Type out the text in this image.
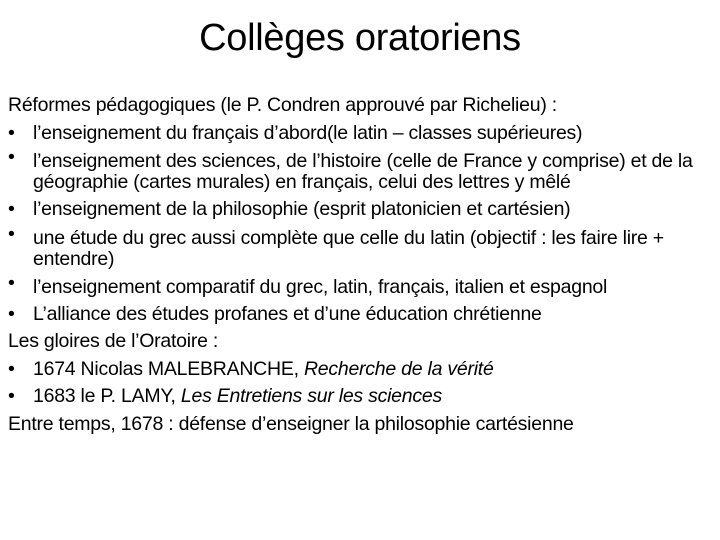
Collèges oratoriens

Réformes pédagogiques (le P. Condren approuvé par Richelieu) :

• l’enseignement du français d’abord(le latin – classes supérieures)
• l’enseignement des sciences, de l’histoire (celle de France y comprise) et de la géographie (cartes murales) en français, celui des lettres y mêlé
• l’enseignement de la philosophie (esprit platonicien et cartésien)
• une étude du grec aussi complète que celle du latin (objectif : les faire lire + entendre)
• l’enseignement comparatif du grec, latin, français, italien et espagnol
• L’alliance des études profanes et d’une éducation chrétienne

Les gloires de l’Oratoire :

• 1674 Nicolas MALEBRANCHE, Recherche de la vérité
• 1683 le P. LAMY, Les Entretiens sur les sciences

Entre temps, 1678 : défense d’enseigner la philosophie cartésienne
